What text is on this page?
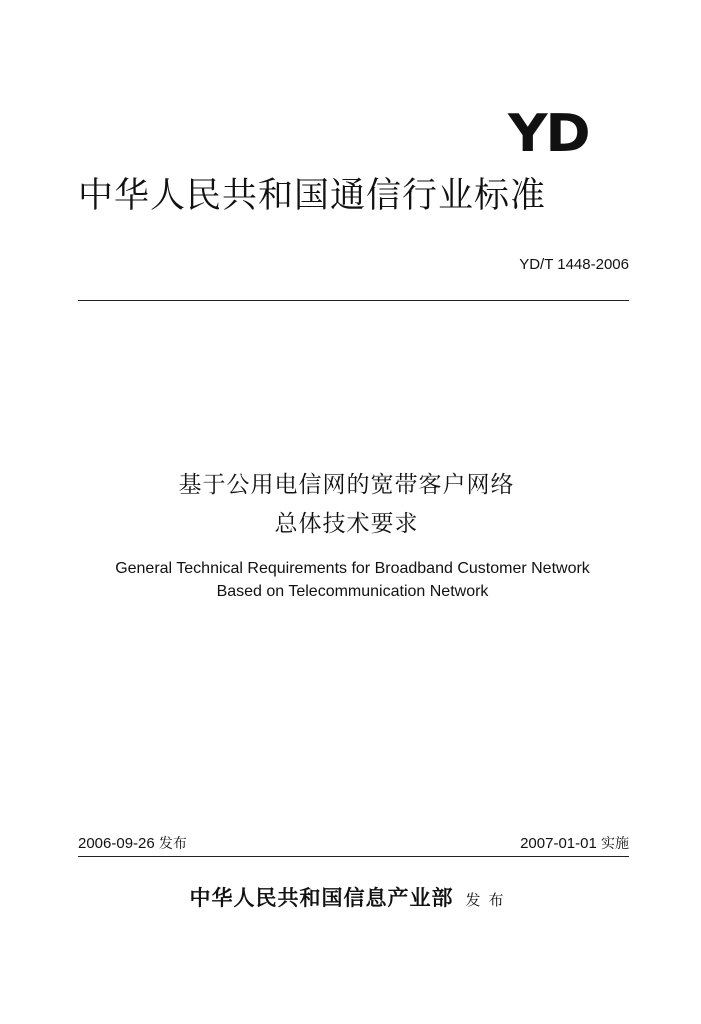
YD
中华人民共和国通信行业标准
YD/T 1448-2006
基于公用电信网的宽带客户网络
总体技术要求
General Technical Requirements for Broadband Customer Network
Based on Telecommunication Network
2006-09-26 发布	2007-01-01 实施
中华人民共和国信息产业部 发布
